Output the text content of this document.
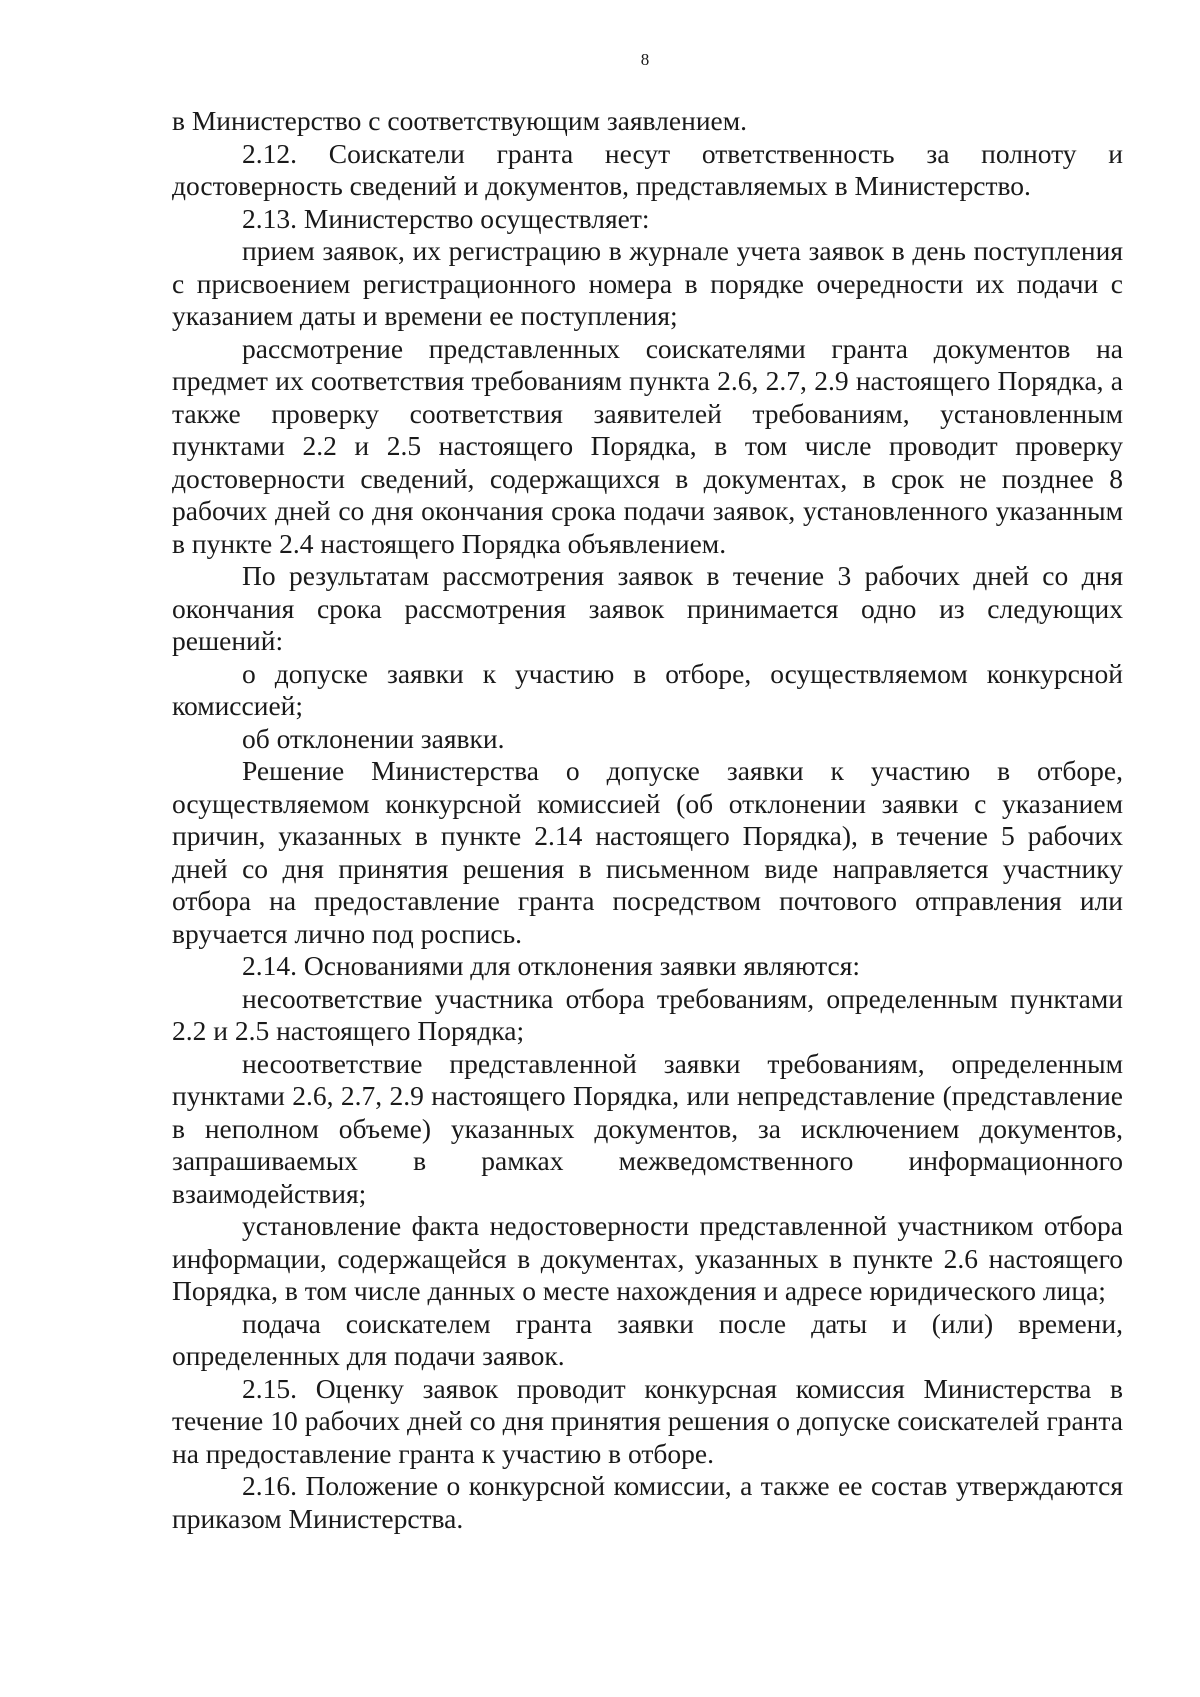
8

в Министерство с соответствующим заявлением.

2.12. Соискатели гранта несут ответственность за полноту и достоверность сведений и документов, представляемых в Министерство.

2.13. Министерство осуществляет:

прием заявок, их регистрацию в журнале учета заявок в день поступления с присвоением регистрационного номера в порядке очередности их подачи с указанием даты и времени ее поступления;

рассмотрение представленных соискателями гранта документов на предмет их соответствия требованиям пункта 2.6, 2.7, 2.9 настоящего Порядка, а также проверку соответствия заявителей требованиям, установленным пунктами 2.2 и 2.5 настоящего Порядка, в том числе проводит проверку достоверности сведений, содержащихся в документах, в срок не позднее 8 рабочих дней со дня окончания срока подачи заявок, установленного указанным в пункте 2.4 настоящего Порядка объявлением.

По результатам рассмотрения заявок в течение 3 рабочих дней со дня окончания срока рассмотрения заявок принимается одно из следующих решений:

о допуске заявки к участию в отборе, осуществляемом конкурсной комиссией;

об отклонении заявки.

Решение Министерства о допуске заявки к участию в отборе, осуществляемом конкурсной комиссией (об отклонении заявки с указанием причин, указанных в пункте 2.14 настоящего Порядка), в течение 5 рабочих дней со дня принятия решения в письменном виде направляется участнику отбора на предоставление гранта посредством почтового отправления или вручается лично под роспись.

2.14. Основаниями для отклонения заявки являются:

несоответствие участника отбора требованиям, определенным пунктами 2.2 и 2.5 настоящего Порядка;

несоответствие представленной заявки требованиям, определенным пунктами 2.6, 2.7, 2.9 настоящего Порядка, или непредставление (представление в неполном объеме) указанных документов, за исключением документов, запрашиваемых в рамках межведомственного информационного взаимодействия;

установление факта недостоверности представленной участником отбора информации, содержащейся в документах, указанных в пункте 2.6 настоящего Порядка, в том числе данных о месте нахождения и адресе юридического лица;

подача соискателем гранта заявки после даты и (или) времени, определенных для подачи заявок.

2.15. Оценку заявок проводит конкурсная комиссия Министерства в течение 10 рабочих дней со дня принятия решения о допуске соискателей гранта на предоставление гранта к участию в отборе.

2.16. Положение о конкурсной комиссии, а также ее состав утверждаются приказом Министерства.
